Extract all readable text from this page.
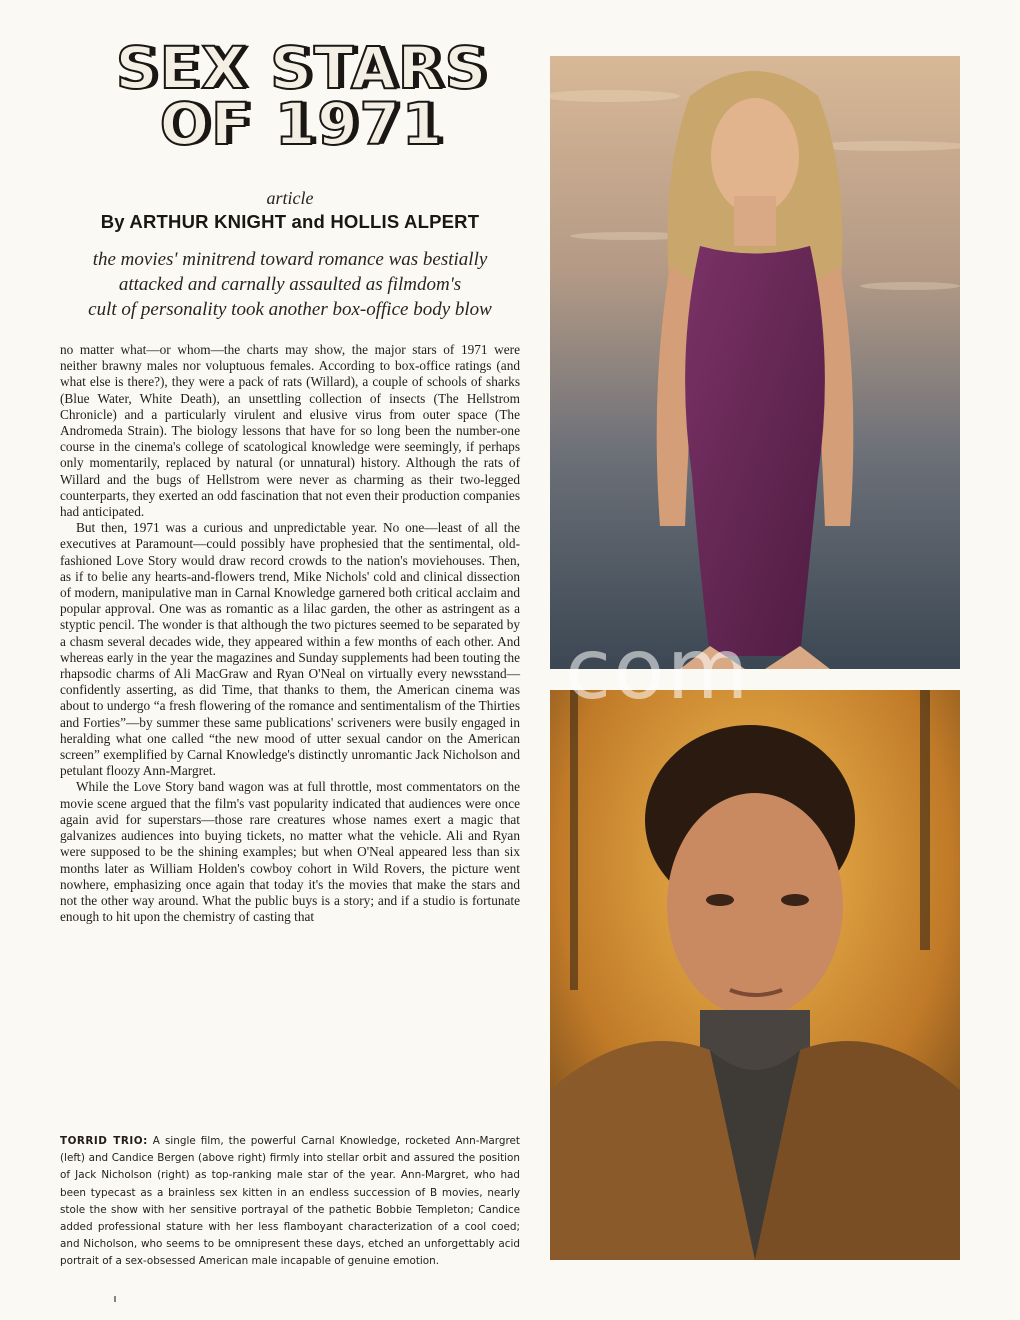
SEX STARS
OF 1971
article
By ARTHUR KNIGHT and HOLLIS ALPERT
the movies' minitrend toward romance was bestially
attacked and carnally assaulted as filmdom's
cult of personality took another box-office body blow

no matter what—or whom—the charts may show, the major stars of 1971 were neither brawny males nor voluptuous females. According to box-office ratings (and what else is there?), they were a pack of rats (Willard), a couple of schools of sharks (Blue Water, White Death), an unsettling collection of insects (The Hellstrom Chronicle) and a particularly virulent and elusive virus from outer space (The Andromeda Strain). The biology lessons that have for so long been the number-one course in the cinema's college of scatological knowledge were seemingly, if perhaps only momentarily, replaced by natural (or unnatural) history. Although the rats of Willard and the bugs of Hellstrom were never as charming as their two-legged counterparts, they exerted an odd fascination that not even their production companies had anticipated.

But then, 1971 was a curious and unpredictable year. No one—least of all the executives at Paramount—could possibly have prophesied that the sentimental, old-fashioned Love Story would draw record crowds to the nation's moviehouses. Then, as if to belie any hearts-and-flowers trend, Mike Nichols' cold and clinical dissection of modern, manipulative man in Carnal Knowledge garnered both critical acclaim and popular approval. One was as romantic as a lilac garden, the other as astringent as a styptic pencil. The wonder is that although the two pictures seemed to be separated by a chasm several decades wide, they appeared within a few months of each other. And whereas early in the year the magazines and Sunday supplements had been touting the rhapsodic charms of Ali MacGraw and Ryan O'Neal on virtually every newsstand—confidently asserting, as did Time, that thanks to them, the American cinema was about to undergo “a fresh flowering of the romance and sentimentalism of the Thirties and Forties”—by summer these same publications' scriveners were busily engaged in heralding what one called “the new mood of utter sexual candor on the American screen” exemplified by Carnal Knowledge's distinctly unromantic Jack Nicholson and petulant floozy Ann-Margret.

While the Love Story band wagon was at full throttle, most commentators on the movie scene argued that the film's vast popularity indicated that audiences were once again avid for superstars—those rare creatures whose names exert a magic that galvanizes audiences into buying tickets, no matter what the vehicle. Ali and Ryan were supposed to be the shining examples; but when O'Neal appeared less than six months later as William Holden's cowboy cohort in Wild Rovers, the picture went nowhere, emphasizing once again that today it's the movies that make the stars and not the other way around. What the public buys is a story; and if a studio is fortunate enough to hit upon the chemistry of casting that

TORRID TRIO: A single film, the powerful Carnal Knowledge, rocketed Ann-Margret (left) and Candice Bergen (above right) firmly into stellar orbit and assured the position of Jack Nicholson (right) as top-ranking male star of the year. Ann-Margret, who had been typecast as a brainless sex kitten in an endless succession of B movies, nearly stole the show with her sensitive portrayal of the pathetic Bobbie Templeton; Candice added professional stature with her less flamboyant characterization of a cool coed; and Nicholson, who seems to be omnipresent these days, etched an unforgettably acid portrait of a sex-obsessed American male incapable of genuine emotion.
com
